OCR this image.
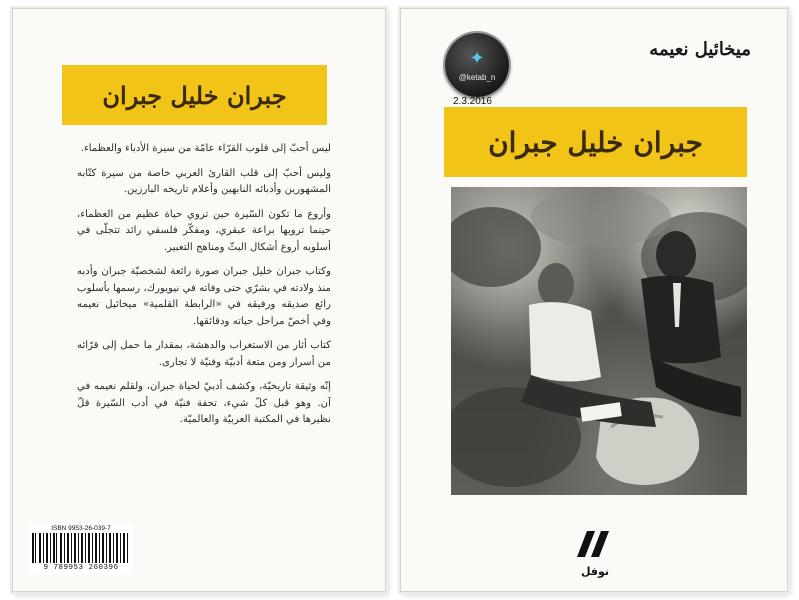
جبران خليل جبران

ليس أحبّ إلى قلوب القرّاء عامّة من سيرة الأدباء والعظماء.

وليس أحبّ إلى قلب القارئ العربي خاصة من سيرة كتّابه المشهورين وأدبائه النابهين وأعلام تاريخه البارزين.

وأروع ما تكون السّيرة حين تروي حياة عظيم من العظماء، حينما ترويها براعة عبقري، ومفكّر فلسفي رائد تتجلّى في أسلوبه أروع أشكال البثّ ومناهج التعبير.

وكتاب جبران خليل جبران صورة رائعة لشخصيّة جبران وأدبه منذ ولادته في بشرّي حتى وفاته في نيويورك، رسمها بأسلوب رائع صديقه ورفيقه في «الرابطة القلمية» ميخائيل نعيمه وفي أخصّ مراحل حياته ودقائقها.

كتاب أثار من الاستغراب والدهشة، بمقدار ما حمل إلى قرّائه من أسرار ومن متعة أدبيّة وفنيّة لا تجارى.

إنّه وثيقة تاريخيّة، وكشف أدبيّ لحياة جبران، ولقلم نعيمه في آن. وهو قبل كلّ شيء، تحفة فنيّة في أدب السّيرة قلّ نظيرها في المكتبة العربيّة والعالميّة.

ISBN 9953-26-039-7
9 789953 260396
✦
@ketab_n
2.3.2016
ميخائيل نعيمه
جبران خليل جبران
نوفل
